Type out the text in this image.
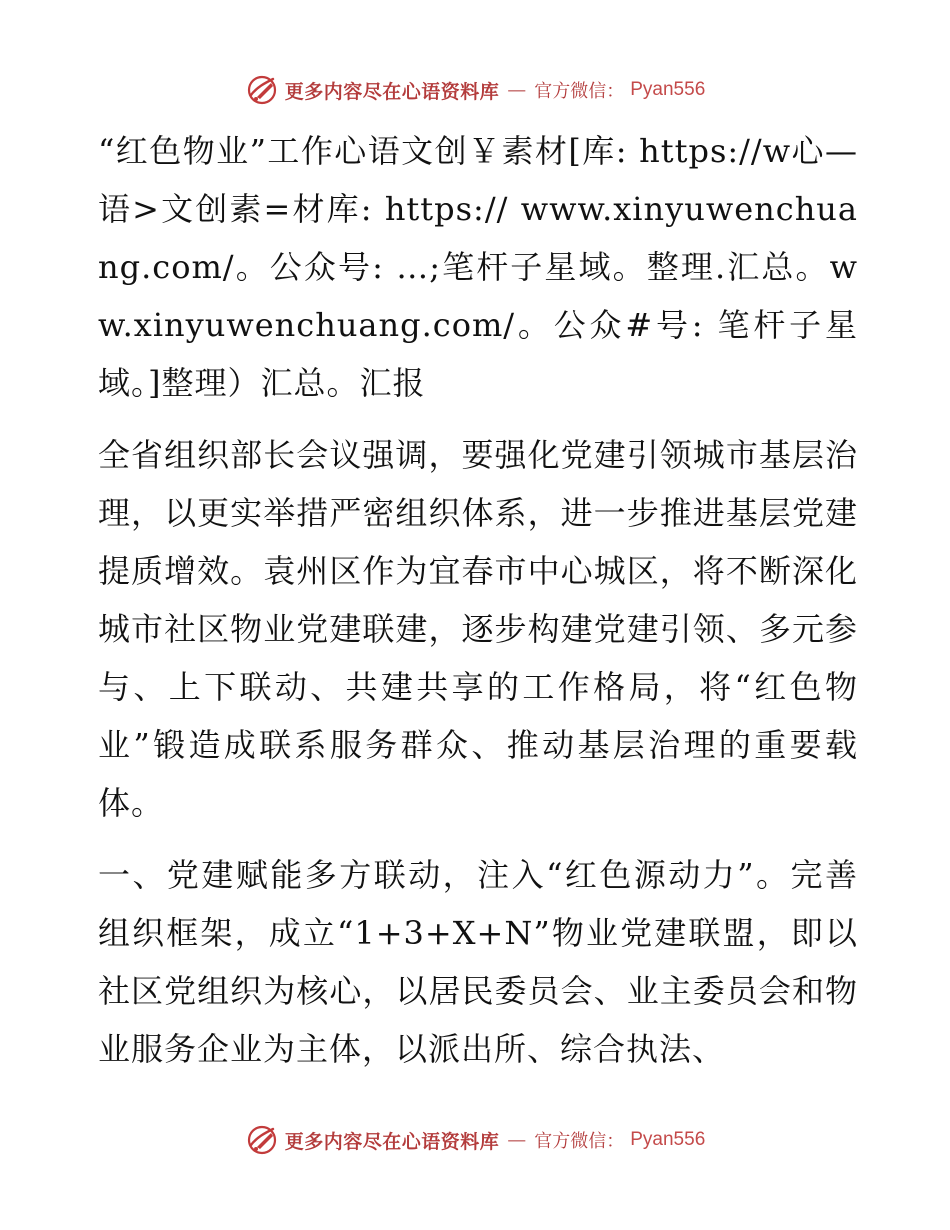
更多内容尽在心语资料库 — 官方微信： Pyan556

“红色物业”工作心语文创￥素材[库: https://w心—语>文创素=材库: https:// www.xinyuwenchuang.com/。公众号: …;笔杆子星域。整理.汇总。ww.xinyuwenchuang.com/。公众#号: 笔杆子星域。]整理）汇总。汇报

全省组织部长会议强调，要强化党建引领城市基层治理，以更实举措严密组织体系，进一步推进基层党建提质增效。袁州区作为宜春市中心城区，将不断深化城市社区物业党建联建，逐步构建党建引领、多元参与、上下联动、共建共享的工作格局，将“红色物业”锻造成联系服务群众、推动基层治理的重要载体。

一、党建赋能多方联动，注入“红色源动力”。完善组织框架，成立“1+3+X+N”物业党建联盟，即以社区党组织为核心，以居民委员会、业主委员会和物业服务企业为主体，以派出所、综合执法、

更多内容尽在心语资料库 — 官方微信： Pyan556
